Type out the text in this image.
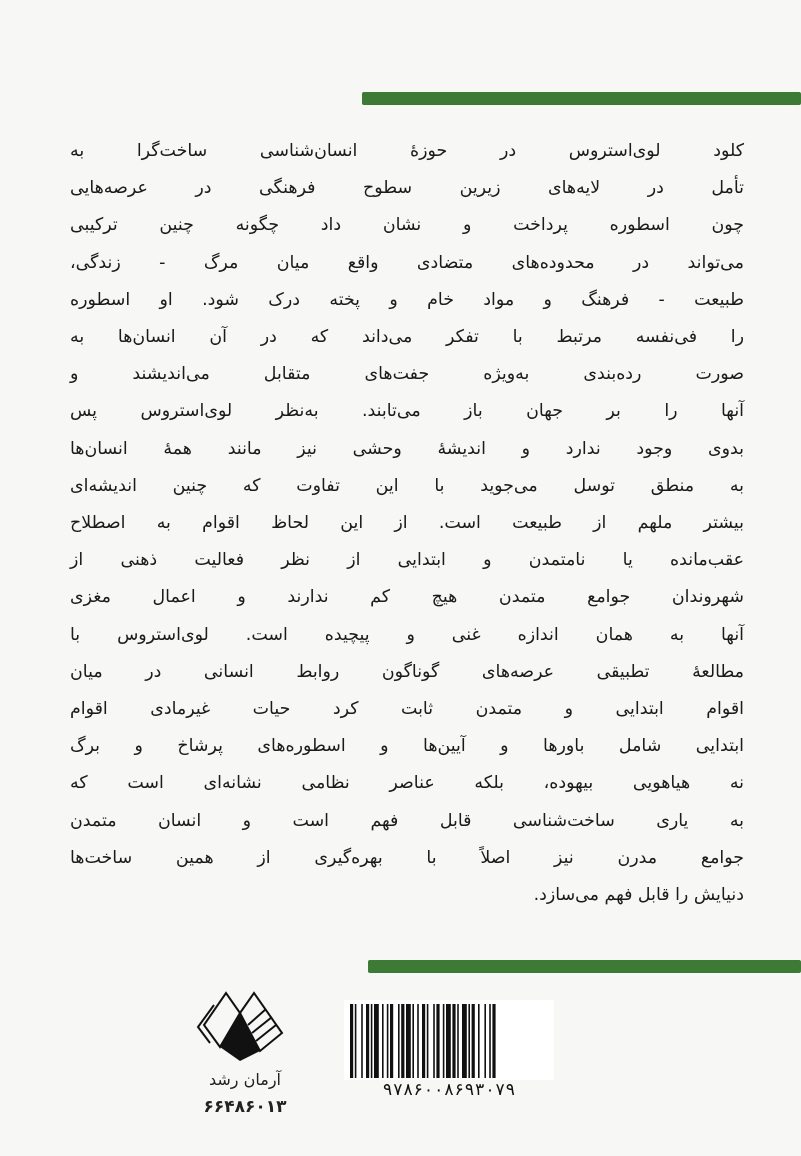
کلود لوی‌استروس در حوزهٔ انسان‌شناسی ساخت‌گرا به
تأمل در لایه‌های زیرین سطوح فرهنگی در عرصه‌هایی
چون اسطوره پرداخت و نشان داد چگونه چنین ترکیبی
می‌تواند در محدوده‌های متضادی واقع میان مرگ - زندگی،
طبیعت - فرهنگ و مواد خام و پخته درک شود. او اسطوره
را فی‌نفسه مرتبط با تفکر می‌داند که در آن انسان‌ها به
صورت رده‌بندی به‌ویژه جفت‌های متقابل می‌اندیشند و
آنها را بر جهان باز می‌تابند. به‌نظر لوی‌استروس پس
بدوی وجود ندارد و اندیشهٔ وحشی نیز مانند همهٔ انسان‌ها
به منطق توسل می‌جوید با این تفاوت که چنین اندیشه‌ای
بیشتر ملهم از طبیعت است. از این لحاظ اقوام به اصطلاح
عقب‌مانده یا نامتمدن و ابتدایی از نظر فعالیت ذهنی از
شهروندان جوامع متمدن هیچ کم ندارند و اعمال مغزی
آنها به همان اندازه غنی و پیچیده است. لوی‌استروس با
مطالعهٔ تطبیقی عرصه‌های گوناگون روابط انسانی در میان
اقوام ابتدایی و متمدن ثابت کرد حیات غیرمادی اقوام
ابتدایی شامل باورها و آیین‌ها و اسطوره‌های پرشاخ و برگ
نه هیاهویی بیهوده، بلکه عناصر نظامی نشانه‌ای است که
به یاری ساخت‌شناسی قابل فهم است و انسان متمدن
جوامع مدرن نیز اصلاً با بهره‌گیری از همین ساخت‌ها
دنیایش را قابل فهم می‌سازد.
آرمان رشد
۶۶۴۸۶۰۱۳
۹۷۸۶۰۰۸۶۹۳۰۷۹
